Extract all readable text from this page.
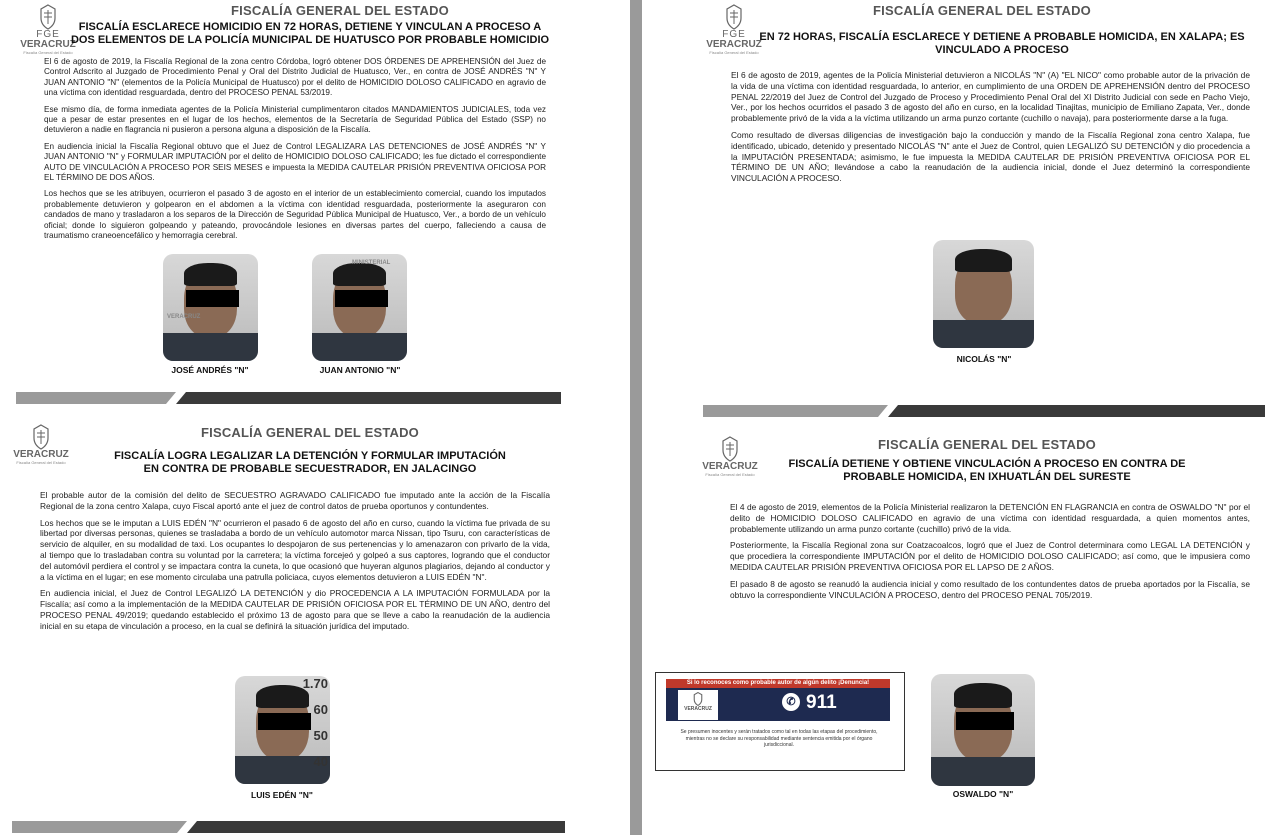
FGE
VERACRUZ
Fiscalía General del Estado
FISCALÍA GENERAL DEL ESTADO
FISCALÍA ESCLARECE HOMICIDIO EN 72 HORAS, DETIENE Y VINCULAN A PROCESO A DOS ELEMENTOS DE LA POLICÍA MUNICIPAL DE HUATUSCO POR PROBABLE HOMICIDIO

El 6 de agosto de 2019, la Fiscalía Regional de la zona centro Córdoba, logró obtener DOS ÓRDENES DE APREHENSIÓN del Juez de Control Adscrito al Juzgado de Procedimiento Penal y Oral del Distrito Judicial de Huatusco, Ver., en contra de JOSÉ ANDRÉS "N" Y JUAN ANTONIO "N" (elementos de la Policía Municipal de Huatusco) por el delito de HOMICIDIO DOLOSO CALIFICADO en agravio de una víctima con identidad resguardada, dentro del PROCESO PENAL 53/2019.

Ese mismo día, de forma inmediata agentes de la Policía Ministerial cumplimentaron citados MANDAMIENTOS JUDICIALES, toda vez que a pesar de estar presentes en el lugar de los hechos, elementos de la Secretaría de Seguridad Pública del Estado (SSP) no detuvieron a nadie en flagrancia ni pusieron a persona alguna a disposición de la Fiscalía.

En audiencia inicial la Fiscalía Regional obtuvo que el Juez de Control LEGALIZARA LAS DETENCIONES de JOSÉ ANDRÉS "N" Y JUAN ANTONIO "N" y FORMULAR IMPUTACIÓN por el delito de HOMICIDIO DOLOSO CALIFICADO; les fue dictado el correspondiente AUTO DE VINCULACIÓN A PROCESO POR SEIS MESES e impuesta la MEDIDA CAUTELAR PRISIÓN PREVENTIVA OFICIOSA POR EL TÉRMINO DE DOS AÑOS.

Los hechos que se les atribuyen, ocurrieron el pasado 3 de agosto en el interior de un establecimiento comercial, cuando los imputados probablemente detuvieron y golpearon en el abdomen a la víctima con identidad resguardada, posteriormente la aseguraron con candados de mano y trasladaron a los separos de la Dirección de Seguridad Pública Municipal de Huatusco, Ver., a bordo de un vehículo oficial; donde lo siguieron golpeando y pateando, provocándole lesiones en diversas partes del cuerpo, falleciendo a causa de traumatismo craneoencefálico y hemorragia cerebral.

VERACRUZ
JOSÉ ANDRÉS "N"
MINISTERIAL
JUAN ANTONIO "N"
FGE
VERACRUZ
Fiscalía General del Estado
FISCALÍA GENERAL DEL ESTADO
EN 72 HORAS, FISCALÍA ESCLARECE Y DETIENE A PROBABLE HOMICIDA, EN XALAPA; ES VINCULADO A PROCESO

El 6 de agosto de 2019, agentes de la Policía Ministerial detuvieron a NICOLÁS "N" (A) "EL NICO" como probable autor de la privación de la vida de una víctima con identidad resguardada, lo anterior, en cumplimiento de una ORDEN DE APREHENSIÓN dentro del PROCESO PENAL 22/2019 del Juez de Control del Juzgado de Proceso y Procedimiento Penal Oral del XI Distrito Judicial con sede en Pacho Viejo, Ver., por los hechos ocurridos el pasado 3 de agosto del año en curso, en la localidad Tinajitas, municipio de Emiliano Zapata, Ver., donde probablemente privó de la vida a la víctima utilizando un arma punzo cortante (cuchillo o navaja), para posteriormente darse a la fuga.

Como resultado de diversas diligencias de investigación bajo la conducción y mando de la Fiscalía Regional zona centro Xalapa, fue identificado, ubicado, detenido y presentado NICOLÁS "N" ante el Juez de Control, quien LEGALIZÓ SU DETENCIÓN y dio procedencia a la IMPUTACIÓN PRESENTADA; asimismo, le fue impuesta la MEDIDA CAUTELAR DE PRISIÓN PREVENTIVA OFICIOSA POR EL TÉRMINO DE UN AÑO; llevándose a cabo la reanudación de la audiencia inicial, donde el Juez determinó la correspondiente VINCULACIÓN A PROCESO.

NICOLÁS "N"
VERACRUZ
Fiscalía General del Estado
FISCALÍA GENERAL DEL ESTADO
FISCALÍA LOGRA LEGALIZAR LA DETENCIÓN Y FORMULAR IMPUTACIÓN EN CONTRA DE PROBABLE SECUESTRADOR, EN JALACINGO

El probable autor de la comisión del delito de SECUESTRO AGRAVADO CALIFICADO fue imputado ante la acción de la Fiscalía Regional de la zona centro Xalapa, cuyo Fiscal aportó ante el juez de control datos de prueba oportunos y contundentes.

Los hechos que se le imputan a LUIS EDÉN "N" ocurrieron el pasado 6 de agosto del año en curso, cuando la víctima fue privada de su libertad por diversas personas, quienes se trasladaba a bordo de un vehículo automotor marca Nissan, tipo Tsuru, con características de servicio de alquiler, en su modalidad de taxi. Los ocupantes lo despojaron de sus pertenencias y lo amenazaron con privarlo de la vida, al tiempo que lo trasladaban contra su voluntad por la carretera; la víctima forcejeó y golpeó a sus captores, logrando que el conductor del automóvil perdiera el control y se impactara contra la cuneta, lo que ocasionó que huyeran algunos plagiarios, dejando al conductor y a la víctima en el lugar; en ese momento circulaba una patrulla policiaca, cuyos elementos detuvieron a LUIS EDÉN "N".

En audiencia inicial, el Juez de Control LEGALIZÓ LA DETENCIÓN y dio PROCEDENCIA A LA IMPUTACIÓN FORMULADA por la Fiscalía; así como a la implementación de la MEDIDA CAUTELAR DE PRISIÓN OFICIOSA POR EL TÉRMINO DE UN AÑO, dentro del PROCESO PENAL 49/2019; quedando establecido el próximo 13 de agosto para que se lleve a cabo la reanudación de la audiencia inicial en su etapa de vinculación a proceso, en la cual se definirá la situación jurídica del imputado.

1.70
60
50
40
LUIS EDÉN "N"
VERACRUZ
Fiscalía General del Estado
FISCALÍA GENERAL DEL ESTADO
FISCALÍA DETIENE Y OBTIENE VINCULACIÓN A PROCESO EN CONTRA DE PROBABLE HOMICIDA, EN IXHUATLÁN DEL SURESTE

El 4 de agosto de 2019, elementos de la Policía Ministerial realizaron la DETENCIÓN EN FLAGRANCIA en contra de OSWALDO "N" por el delito de HOMICIDIO DOLOSO CALIFICADO en agravio de una víctima con identidad resguardada, a quien momentos antes, probablemente utilizando un arma punzo cortante (cuchillo) privó de la vida.

Posteriormente, la Fiscalía Regional zona sur Coatzacoalcos, logró que el Juez de Control determinara como LEGAL LA DETENCIÓN y que procediera la correspondiente IMPUTACIÓN por el delito de HOMICIDIO DOLOSO CALIFICADO; así como, que le impusiera como MEDIDA CAUTELAR PRISIÓN PREVENTIVA OFICIOSA POR EL LAPSO DE 2 AÑOS.

El pasado 8 de agosto se reanudó la audiencia inicial y como resultado de los contundentes datos de prueba aportados por la Fiscalía, se obtuvo la correspondiente VINCULACIÓN A PROCESO, dentro del PROCESO PENAL 705/2019.

OSWALDO "N"
Si lo reconoces como probable autor de algún delito ¡Denuncia!
VERACRUZ
✆ 911
Se presumen inocentes y serán tratados como tal en todas las etapas del procedimiento, mientras no se declare su responsabilidad mediante sentencia emitida por el órgano jurisdiccional.
